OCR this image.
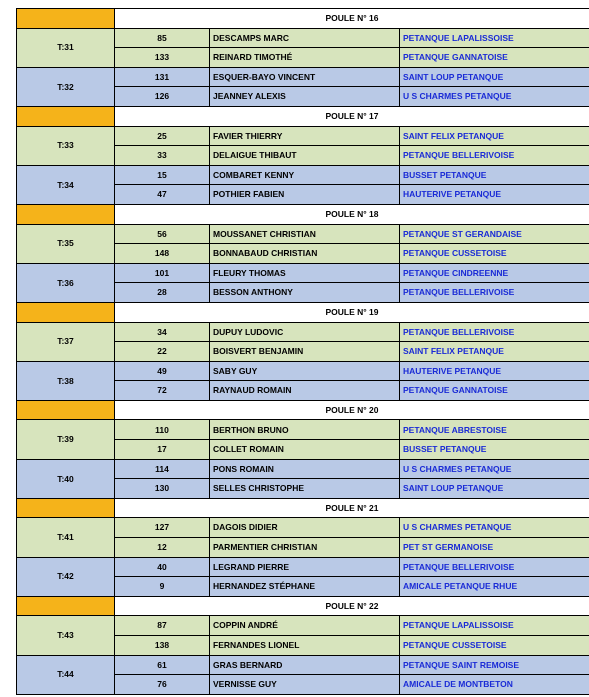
	POULE N° 16		
T:31	85	DESCAMPS MARC	PETANQUE LAPALISSOISE
	133	REINARD TIMOTHÉ	PETANQUE GANNATOISE
T:32	131	ESQUER-BAYO VINCENT	SAINT LOUP PETANQUE
	126	JEANNEY ALEXIS	U S CHARMES PETANQUE
	POULE N° 17		
T:33	25	FAVIER THIERRY	SAINT FELIX PETANQUE
	33	DELAIGUE THIBAUT	PETANQUE BELLERIVOISE
T:34	15	COMBARET KENNY	BUSSET PETANQUE
	47	POTHIER FABIEN	HAUTERIVE PETANQUE
	POULE N° 18		
T:35	56	MOUSSANET CHRISTIAN	PETANQUE ST GERANDAISE
	148	BONNABAUD CHRISTIAN	PETANQUE CUSSETOISE
T:36	101	FLEURY THOMAS	PETANQUE CINDREENNE
	28	BESSON ANTHONY	PETANQUE BELLERIVOISE
	POULE N° 19		
T:37	34	DUPUY LUDOVIC	PETANQUE BELLERIVOISE
	22	BOISVERT BENJAMIN	SAINT FELIX PETANQUE
T:38	49	SABY GUY	HAUTERIVE PETANQUE
	72	RAYNAUD ROMAIN	PETANQUE GANNATOISE
	POULE N° 20		
T:39	110	BERTHON BRUNO	PETANQUE ABRESTOISE
	17	COLLET ROMAIN	BUSSET PETANQUE
T:40	114	PONS ROMAIN	U S CHARMES PETANQUE
	130	SELLES CHRISTOPHE	SAINT LOUP PETANQUE
	POULE N° 21		
T:41	127	DAGOIS DIDIER	U S CHARMES PETANQUE
	12	PARMENTIER CHRISTIAN	PET ST GERMANOISE
T:42	40	LEGRAND PIERRE	PETANQUE BELLERIVOISE
	9	HERNANDEZ STÉPHANE	AMICALE PETANQUE RHUE
	POULE N° 22		
T:43	87	COPPIN ANDRÉ	PETANQUE LAPALISSOISE
	138	FERNANDES LIONEL	PETANQUE CUSSETOISE
T:44	61	GRAS BERNARD	PETANQUE SAINT REMOISE
	76	VERNISSE GUY	AMICALE DE MONTBETON
